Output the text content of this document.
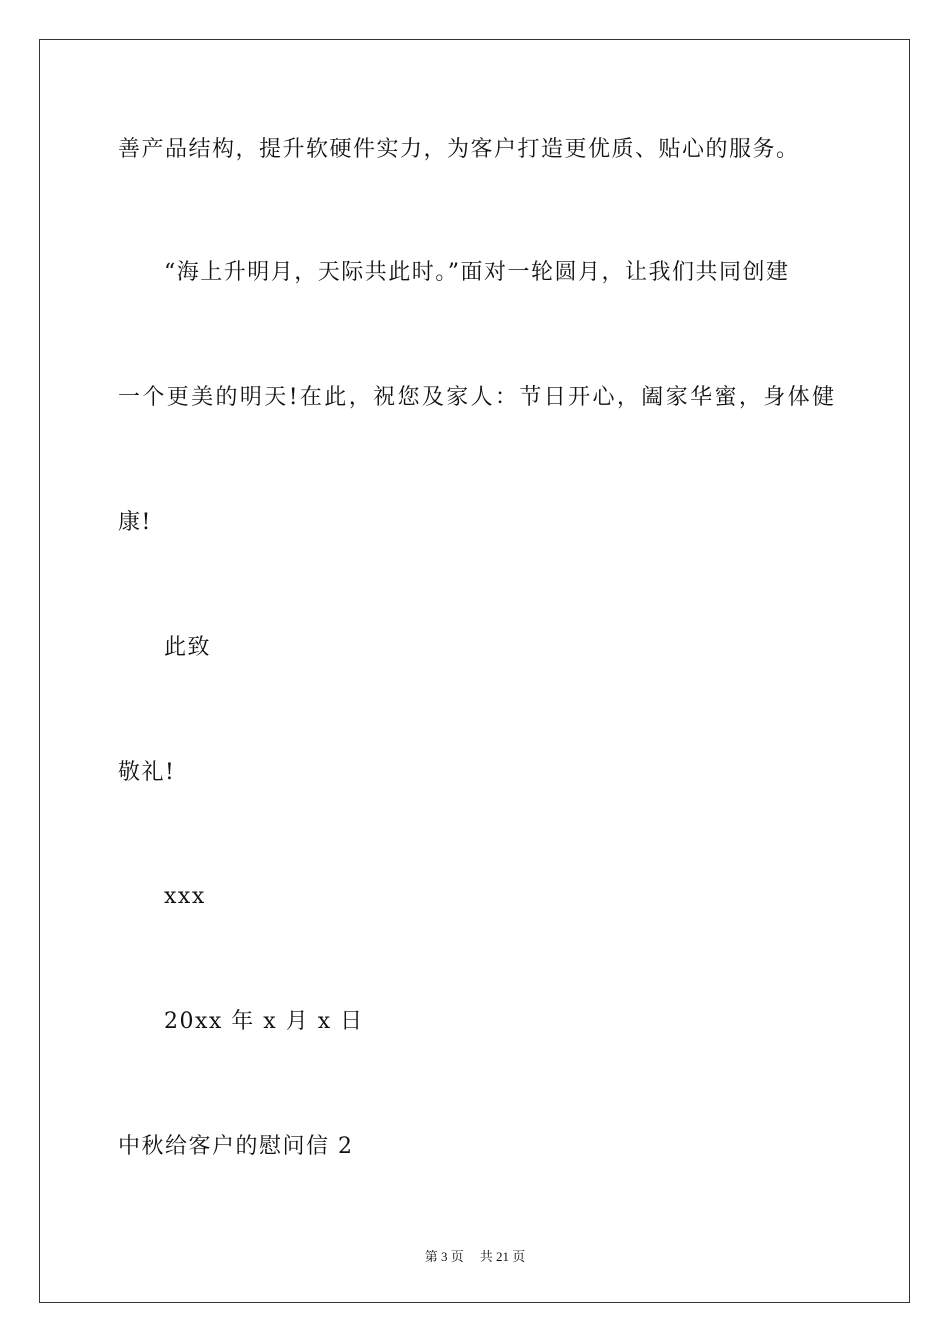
善产品结构，提升软硬件实力，为客户打造更优质、贴心的服务。
“海上升明月，天际共此时。”面对一轮圆月，让我们共同创建
一个更美的明天!在此，祝您及家人：节日开心，阖家华蜜，身体健
康!
此致
敬礼!
xxx
20xx 年 x 月 x 日
中秋给客户的慰问信 2
第 3 页 共 21 页
